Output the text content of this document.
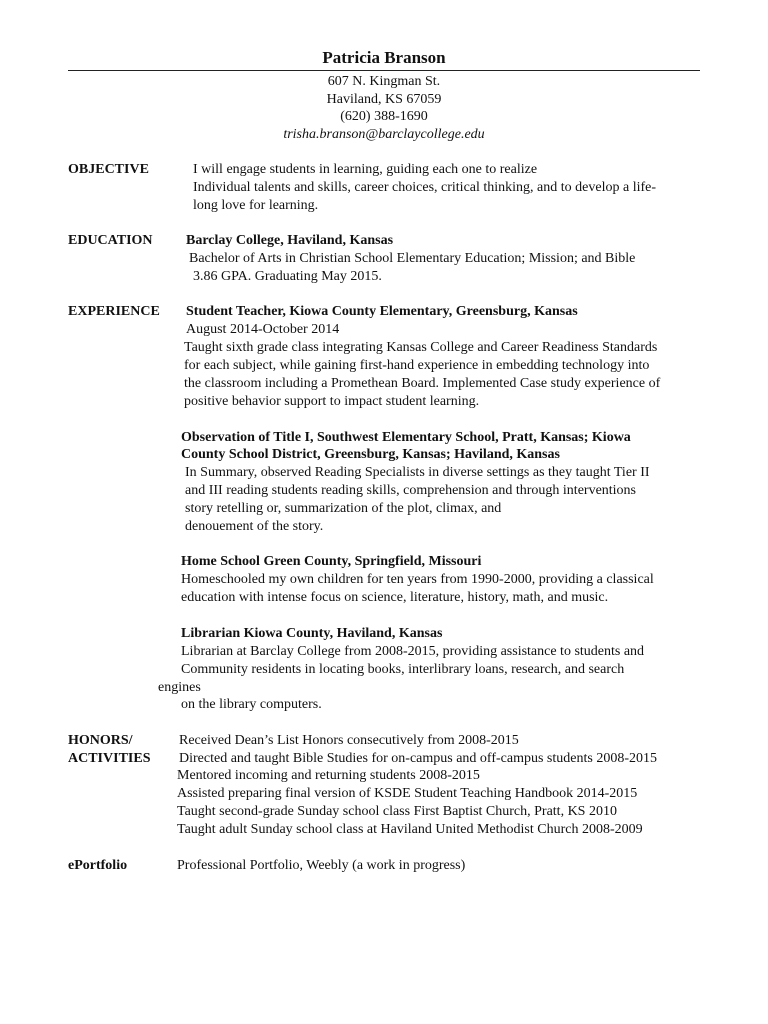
Patricia Branson
607 N. Kingman St.
Haviland, KS 67059
(620) 388-1690
trisha.branson@barclaycollege.edu
OBJECTIVE	I will engage students in learning, guiding each one to realize
Individual talents and skills, career choices, critical thinking, and to develop a life-
long love for learning.
EDUCATION Barclay College, Haviland, Kansas
Bachelor of Arts in Christian School Elementary Education; Mission; and Bible
3.86 GPA. Graduating May 2015.
EXPERIENCE Student Teacher, Kiowa County Elementary, Greensburg, Kansas
August 2014-October 2014
Taught sixth grade class integrating Kansas College and Career Readiness Standards
for each subject, while gaining first-hand experience in embedding technology into
the classroom including a Promethean Board. Implemented Case study experience of
positive behavior support to impact student learning.
Observation of Title I, Southwest Elementary School, Pratt, Kansas; Kiowa
County School District, Greensburg, Kansas; Haviland, Kansas
In Summary, observed Reading Specialists in diverse settings as they taught Tier II
and III reading students reading skills, comprehension and through interventions
story retelling or, summarization of the plot, climax, and
denouement of the story.
Home School Green County, Springfield, Missouri
Homeschooled my own children for ten years from 1990-2000, providing a classical
education with intense focus on science, literature, history, math, and music.
Librarian Kiowa County, Haviland, Kansas
Librarian at Barclay College from 2008-2015, providing assistance to students and
Community residents in locating books, interlibrary loans, research, and search
engines
on the library computers.
HONORS/
ACTIVITIES
Received Dean’s List Honors consecutively from 2008-2015
Directed and taught Bible Studies for on-campus and off-campus students 2008-2015
Mentored incoming and returning students 2008-2015
Assisted preparing final version of KSDE Student Teaching Handbook 2014-2015
Taught second-grade Sunday school class First Baptist Church, Pratt, KS 2010
Taught adult Sunday school class at Haviland United Methodist Church 2008-2009
ePortfolio	Professional Portfolio, Weebly (a work in progress)
